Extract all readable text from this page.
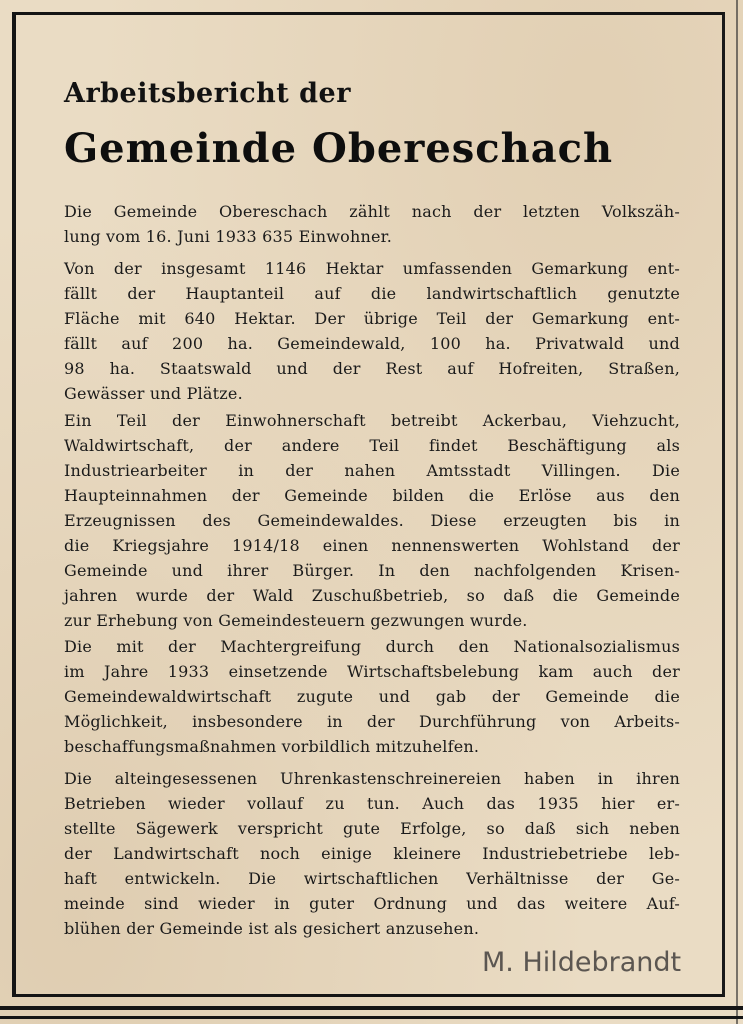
Arbeitsbericht der
Gemeinde Obereschach
Die Gemeinde Obereschach zählt nach der letzten Volkszäh-
lung vom 16. Juni 1933 635 Einwohner.
Von der insgesamt 1146 Hektar umfassenden Gemarkung ent-
fällt der Hauptanteil auf die landwirtschaftlich genutzte
Fläche mit 640 Hektar. Der übrige Teil der Gemarkung ent-
fällt auf 200 ha. Gemeindewald, 100 ha. Privatwald und
98 ha. Staatswald und der Rest auf Hofreiten, Straßen,
Gewässer und Plätze.
Ein Teil der Einwohnerschaft betreibt Ackerbau, Viehzucht,
Waldwirtschaft, der andere Teil findet Beschäftigung als
Industriearbeiter in der nahen Amtsstadt Villingen. Die
Haupteinnahmen der Gemeinde bilden die Erlöse aus den
Erzeugnissen des Gemeindewaldes. Diese erzeugten bis in
die Kriegsjahre 1914/18 einen nennenswerten Wohlstand der
Gemeinde und ihrer Bürger. In den nachfolgenden Krisen-
jahren wurde der Wald Zuschußbetrieb, so daß die Gemeinde
zur Erhebung von Gemeindesteuern gezwungen wurde.
Die mit der Machtergreifung durch den Nationalsozialismus
im Jahre 1933 einsetzende Wirtschaftsbelebung kam auch der
Gemeindewaldwirtschaft zugute und gab der Gemeinde die
Möglichkeit, insbesondere in der Durchführung von Arbeits-
beschaffungsmaßnahmen vorbildlich mitzuhelfen.
Die alteingesessenen Uhrenkastenschreinereien haben in ihren
Betrieben wieder vollauf zu tun. Auch das 1935 hier er-
stellte Sägewerk verspricht gute Erfolge, so daß sich neben
der Landwirtschaft noch einige kleinere Industriebetriebe leb-
haft entwickeln. Die wirtschaftlichen Verhältnisse der Ge-
meinde sind wieder in guter Ordnung und das weitere Auf-
blühen der Gemeinde ist als gesichert anzusehen.
M. Hildebrandt
